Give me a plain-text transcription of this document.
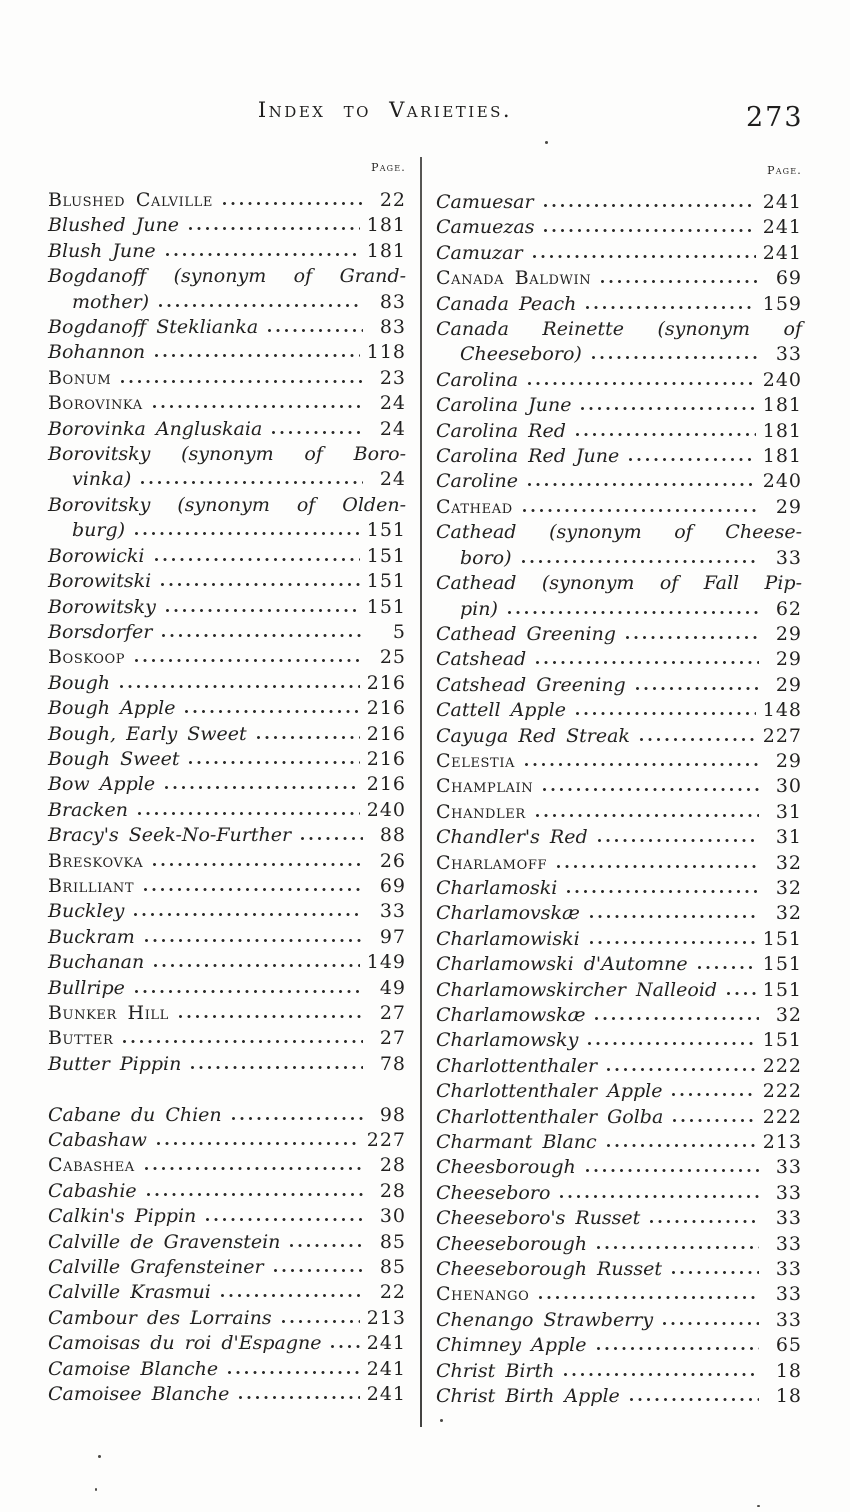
Index to Varieties.	273
Page.	Page.
Blushed Calville	22
Blushed June	181
Blush June	181
Bogdanoff (synonym of Grand-
mother)	83
Bogdanoff Steklianka	83
Bohannon	118
Bonum	23
Borovinka	24
Borovinka Angluskaia	24
Borovitsky (synonym of Boro-
vinka)	24
Borovitsky (synonym of Olden-
burg)	151
Borowicki	151
Borowitski	151
Borowitsky	151
Borsdorfer	5
Boskoop	25
Bough	216
Bough Apple	216
Bough, Early Sweet	216
Bough Sweet	216
Bow Apple	216
Bracken	240
Bracy's Seek-No-Further	88
Breskovka	26
Brilliant	69
Buckley	33
Buckram	97
Buchanan	149
Bullripe	49
Bunker Hill	27
Butter	27
Butter Pippin	78
Cabane du Chien	98
Cabashaw	227
Cabashea	28
Cabashie	28
Calkin's Pippin	30
Calville de Gravenstein	85
Calville Grafensteiner	85
Calville Krasmui	22
Cambour des Lorrains	213
Camoisas du roi d'Espagne 241
Camoise Blanche	241
Camoisee Blanche	241
Camuesar	241
Camuezas	241
Camuzar	241
Canada Baldwin	69
Canada Peach	159
Canada Reinette (synonym of
Cheeseboro)	33
Carolina	240
Carolina June	181
Carolina Red	181
Carolina Red June	181
Caroline	240
Cathead	29
Cathead (synonym of Cheese-
boro)	33
Cathead (synonym of Fall Pip-
pin)	62
Cathead Greening	29
Catshead	29
Catshead Greening	29
Cattell Apple	148
Cayuga Red Streak	227
Celestia	29
Champlain	30
Chandler	31
Chandler's Red	31
Charlamoff	32
Charlamoski	32
Charlamovskæ	32
Charlamowiski	151
Charlamowski d'Automne	151
Charlamowskircher Nalleoid 151
Charlamowskæ	32
Charlamowsky	151
Charlottenthaler	222
Charlottenthaler Apple	222
Charlottenthaler Golba	222
Charmant Blanc	213
Cheesborough	33
Cheeseboro	33
Cheeseboro's Russet	33
Cheeseborough	33
Cheeseborough Russet	33
Chenango	33
Chenango Strawberry	33
Chimney Apple	65
Christ Birth	18
Christ Birth Apple	18
